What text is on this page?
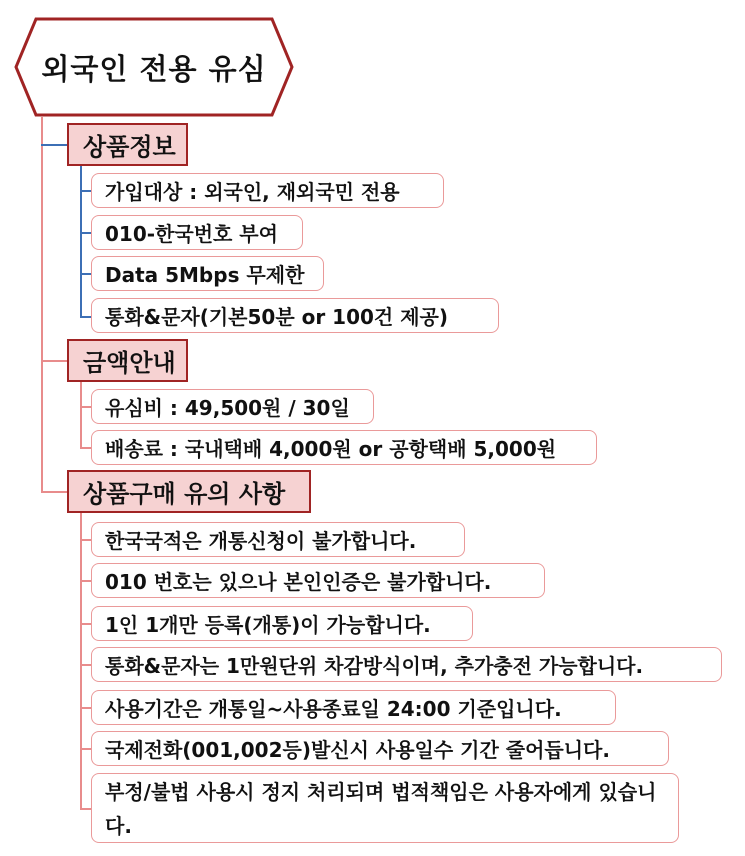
외국인 전용 유심
상품정보
가입대상 : 외국인, 재외국민 전용
010-한국번호 부여
Data 5Mbps 무제한
통화&문자(기본50분 or 100건 제공)
금액안내
유심비 : 49,500원 / 30일
배송료 : 국내택배 4,000원 or 공항택배 5,000원
상품구매 유의 사항
한국국적은 개통신청이 불가합니다.
010 번호는 있으나 본인인증은 불가합니다.
1인 1개만 등록(개통)이 가능합니다.
통화&문자는 1만원단위 차감방식이며, 추가충전 가능합니다.
사용기간은 개통일~사용종료일 24:00 기준입니다.
국제전화(001,002등)발신시 사용일수 기간 줄어듭니다.
부정/불법 사용시 정지 처리되며 법적책임은 사용자에게 있습니다.
